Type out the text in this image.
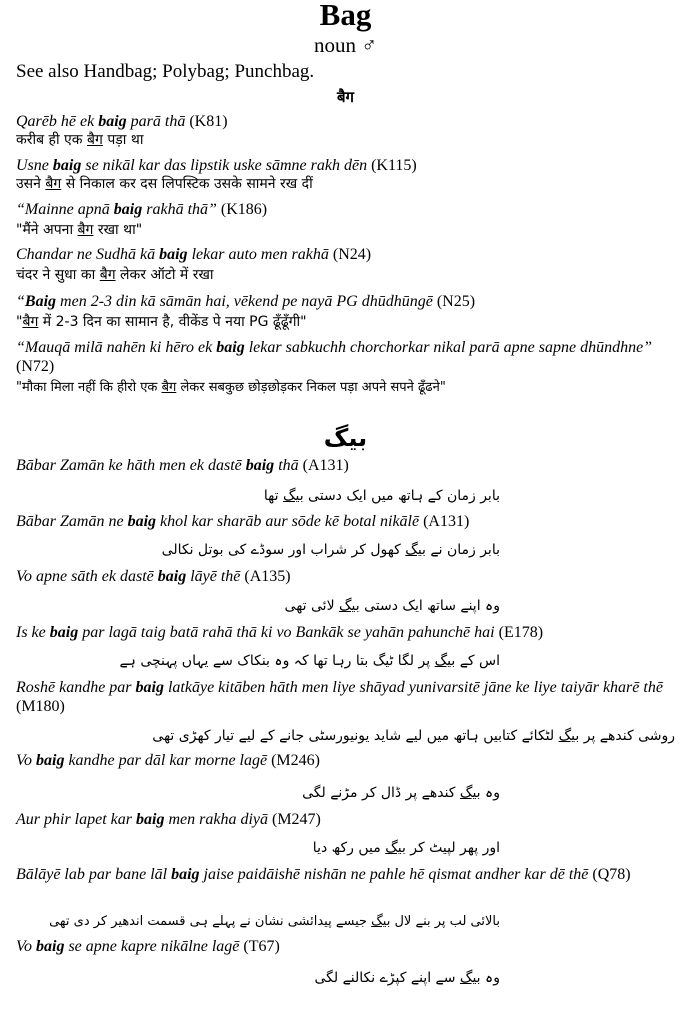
Bag
noun ♂
See also Handbag; Polybag; Punchbag.
बैग
Qarēb hē ek baig parā thā (K81)
करीब ही एक बैग पड़ा था
Usne baig se nikāl kar das lipstik uske sāmne rakh dēn (K115)
उसने बैग से निकाल कर दस लिपस्टिक उसके सामने रख दीं
“Mainne apnā baig rakhā thā” (K186)
"मैंने अपना बैग रखा था"
Chandar ne Sudhā kā baig lekar auto men rakhā (N24)
चंदर ने सुधा का बैग लेकर ऑटो में रखा
“Baig men 2-3 din kā sāmān hai, vēkend pe nayā PG dhūdhūngē (N25)
"बैग में 2-3 दिन का सामान है, वीकेंड पे नया PG ढूँढूँगी"
“Mauqā milā nahēn ki hēro ek baig lekar sabkuchh chorchorkar nikal parā apne sapne dhūndhne” (N72)
"मौका मिला नहीं कि हीरो एक बैग लेकर सबकुछ छोड़छोड़कर निकल पड़ा अपने सपने ढूँढने"
بیگ
Bābar Zamān ke hāth men ek dastē baig thā (A131)
بابر زمان کے ہاتھ میں ایک دستی بیگ تھا
Bābar Zamān ne baig khol kar sharāb aur sōde kē botal nikālē (A131)
بابر زمان نے بیگ کھول کر شراب اور سوڈے کی بوتل نکالی
Vo apne sāth ek dastē baig lāyē thē (A135)
وہ اپنے ساتھ ایک دستی بیگ لائی تھی
Is ke baig par lagā taig batā rahā thā ki vo Bankāk se yahān pahunchē hai (E178)
اس کے بیگ پر لگا ٹیگ بتا رہا تھا کہ وہ بنکاک سے یہاں پہنچی ہے
Roshē kandhe par baig latkāye kitāben hāth men liye shāyad yunivarsitē jāne ke liye taiyār kharē thē (M180)
روشی کندھے پر بیگ لٹکائے کتابیں ہاتھ میں لیے شاید یونیورسٹی جانے کے لیے تیار کھڑی تھی
Vo baig kandhe par dāl kar morne lagē (M246)
وہ بیگ کندھے پر ڈال کر مڑنے لگی
Aur phir lapet kar baig men rakha diyā (M247)
اور پھر لپیٹ کر بیگ میں رکھ دیا
Bālāyē lab par bane lāl baig jaise paidāishē nishān ne pahle hē qismat andher kar dē thē (Q78)
بالائی لب پر بنے لال بیگ جیسے پیدائشی نشان نے پہلے ہی قسمت اندھیر کر دی تھی
Vo baig se apne kapre nikālne lagē (T67)
وہ بیگ سے اپنے کپڑے نکالنے لگی
